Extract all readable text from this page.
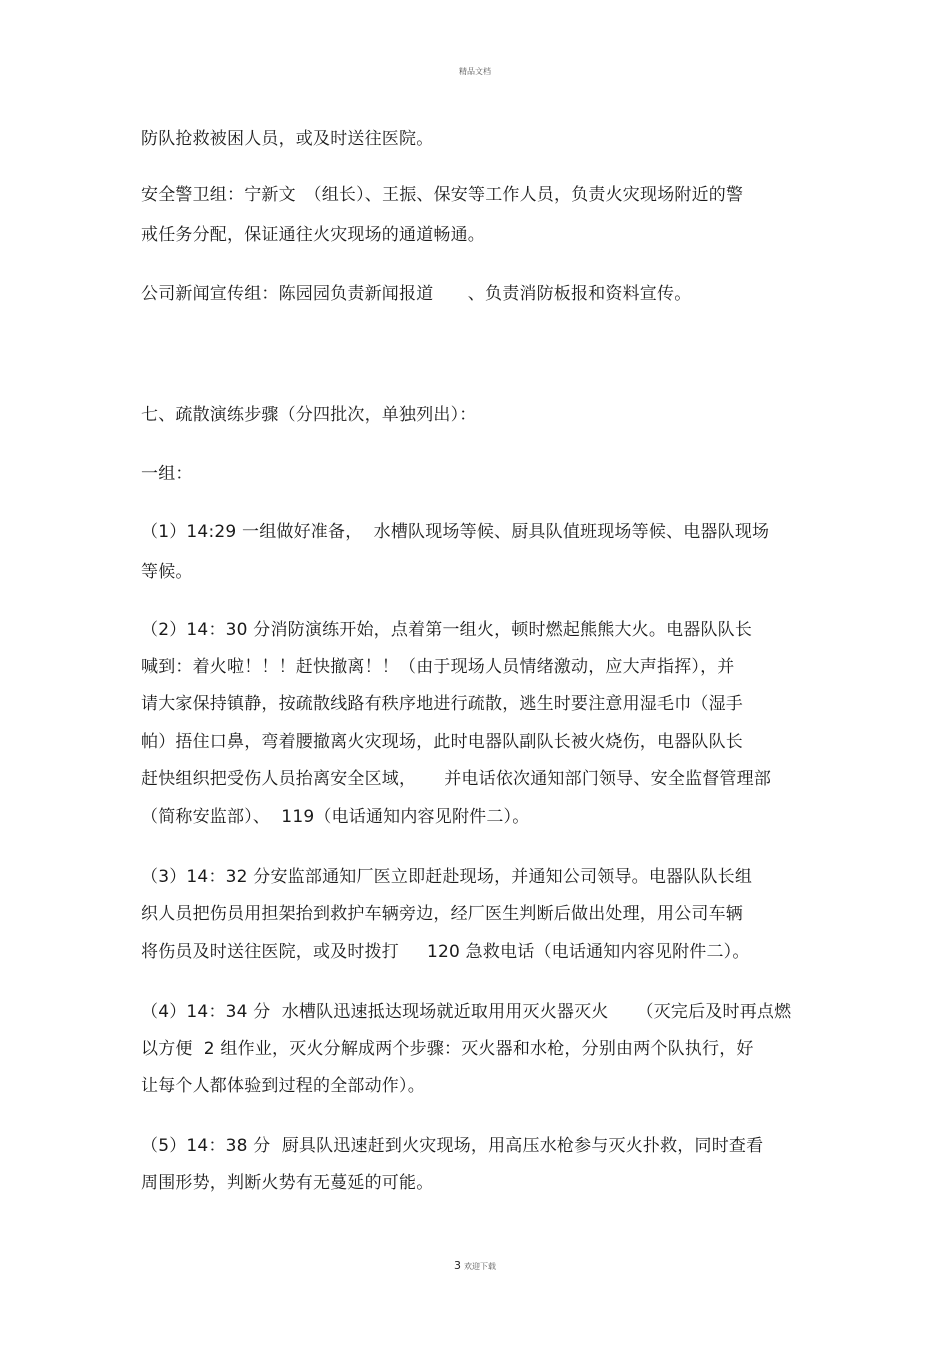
精品文档
防队抢救被困人员，或及时送往医院。
安全警卫组：宁新文　（组长）、王振、保安等工作人员，负责火灾现场附近的警
戒任务分配，保证通往火灾现场的通道畅通。
公司新闻宣传组：陈园园负责新闻报道　　、负责消防板报和资料宣传。
七、疏散演练步骤（分四批次，单独列出）：
一组：
（1）14:29 一组做好准备，  水槽队现场等候、厨具队值班现场等候、电器队现场
等候。
（2）14：30 分消防演练开始，点着第一组火，顿时燃起熊熊大火。电器队队长
喊到：着火啦！！！赶快撤离！！（由于现场人员情绪激动，应大声指挥），并
请大家保持镇静，按疏散线路有秩序地进行疏散，逃生时要注意用湿毛巾（湿手
帕）捂住口鼻，弯着腰撤离火灾现场，此时电器队副队长被火烧伤，电器队队长
赶快组织把受伤人员抬离安全区域，     并电话依次通知部门领导、安全监督管理部
（简称安监部）、  119（电话通知内容见附件二）。
（3）14：32 分安监部通知厂医立即赶赴现场，并通知公司领导。电器队队长组
织人员把伤员用担架抬到救护车辆旁边，经厂医生判断后做出处理，用公司车辆
将伤员及时送往医院，或及时拨打     120 急救电话（电话通知内容见附件二）。
（4）14：34 分  水槽队迅速抵达现场就近取用用灭火器灭火     （灭完后及时再点燃
以方便  2 组作业，灭火分解成两个步骤：灭火器和水枪，分别由两个队执行，好
让每个人都体验到过程的全部动作）。
（5）14：38 分  厨具队迅速赶到火灾现场，用高压水枪参与灭火扑救，同时查看
周围形势，判断火势有无蔓延的可能。
3 欢迎下载
